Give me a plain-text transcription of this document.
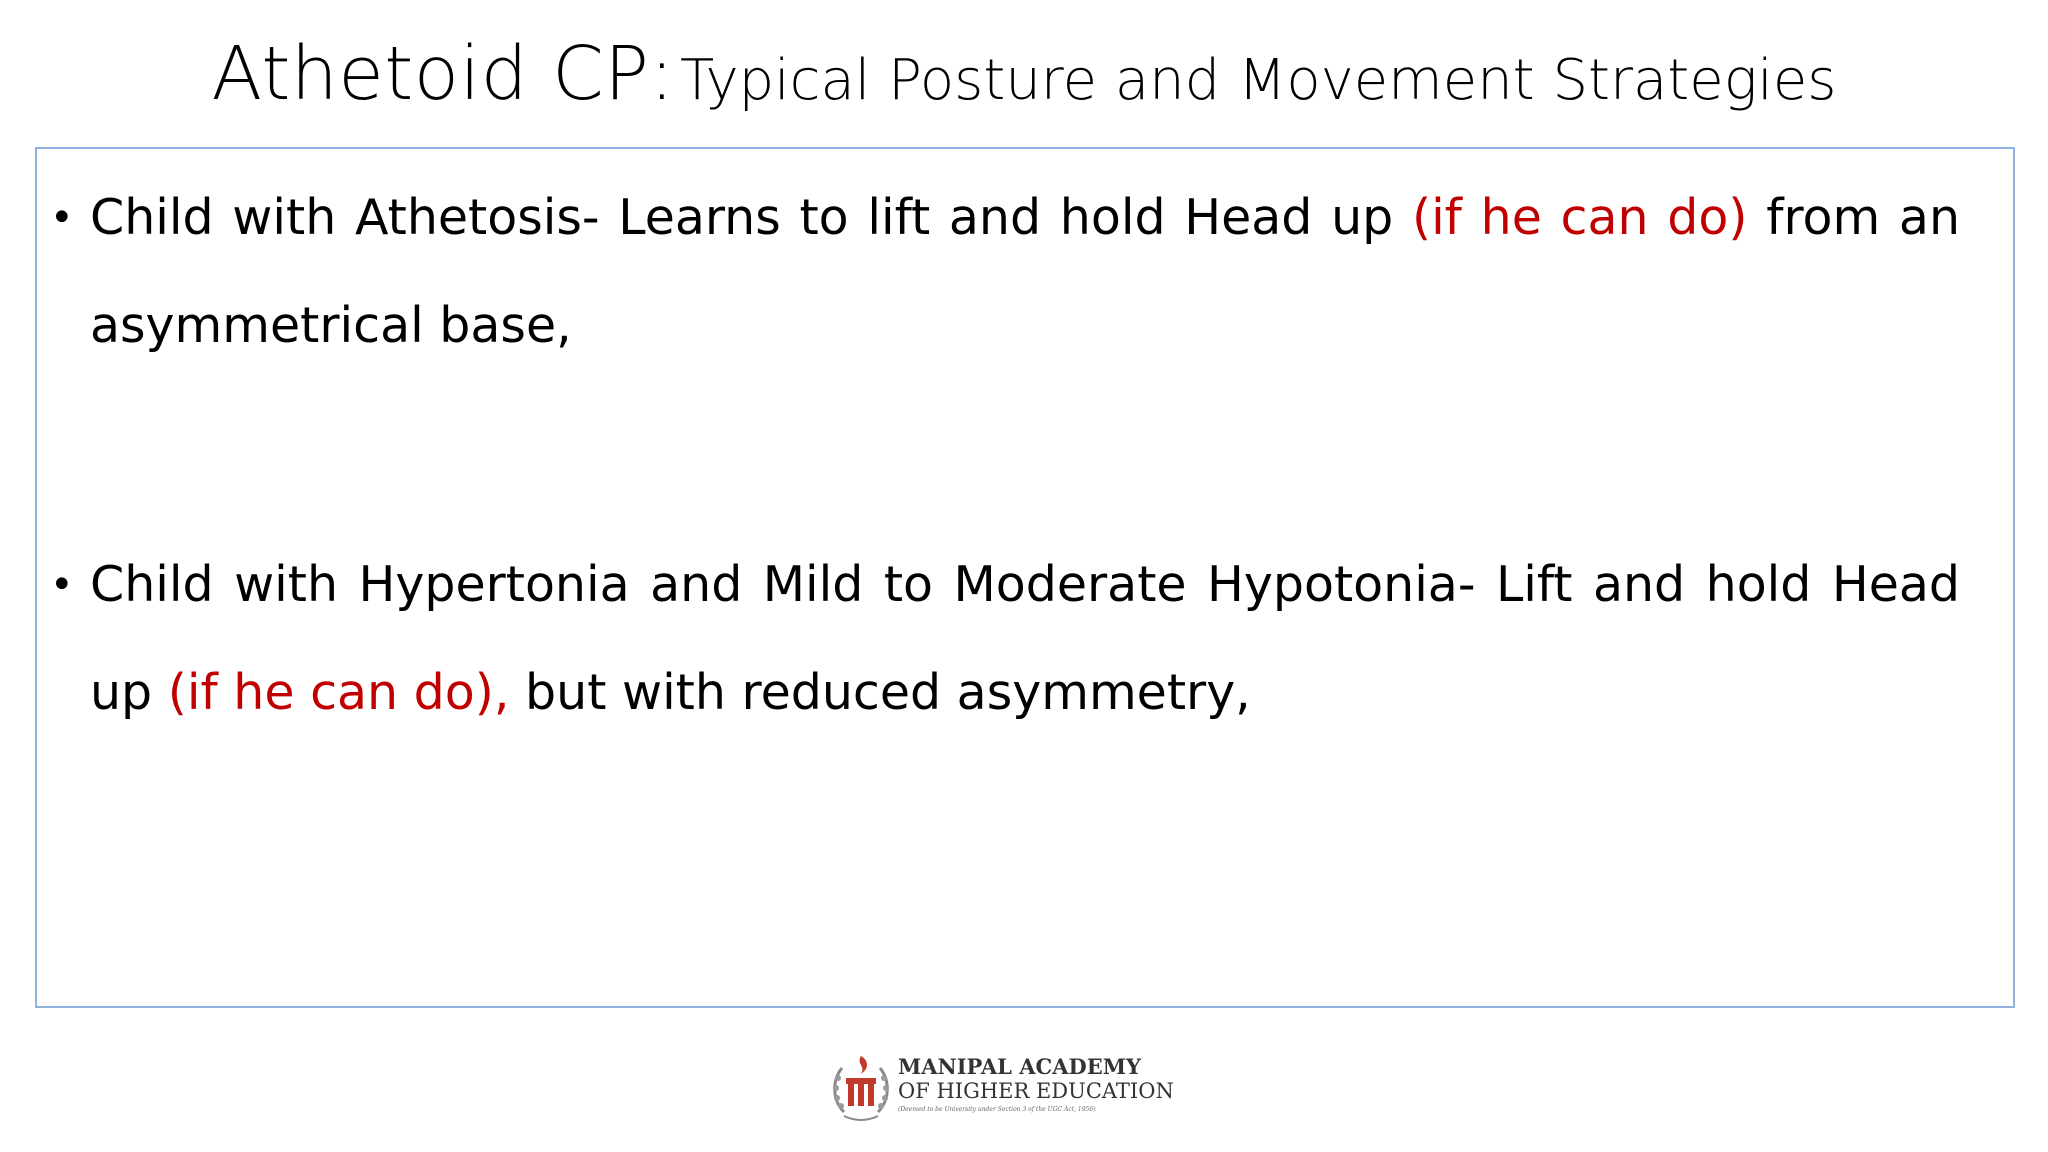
Athetoid CP: Typical Posture and Movement Strategies
• Child with Athetosis- Learns to lift and hold Head up (if he can do) from an asymmetrical base,
• Child with Hypertonia and Mild to Moderate Hypotonia- Lift and hold Head up (if he can do), but with reduced asymmetry,
MANIPAL ACADEMY
OF HIGHER EDUCATION
(Deemed to be University under Section 3 of the UGC Act, 1956)
